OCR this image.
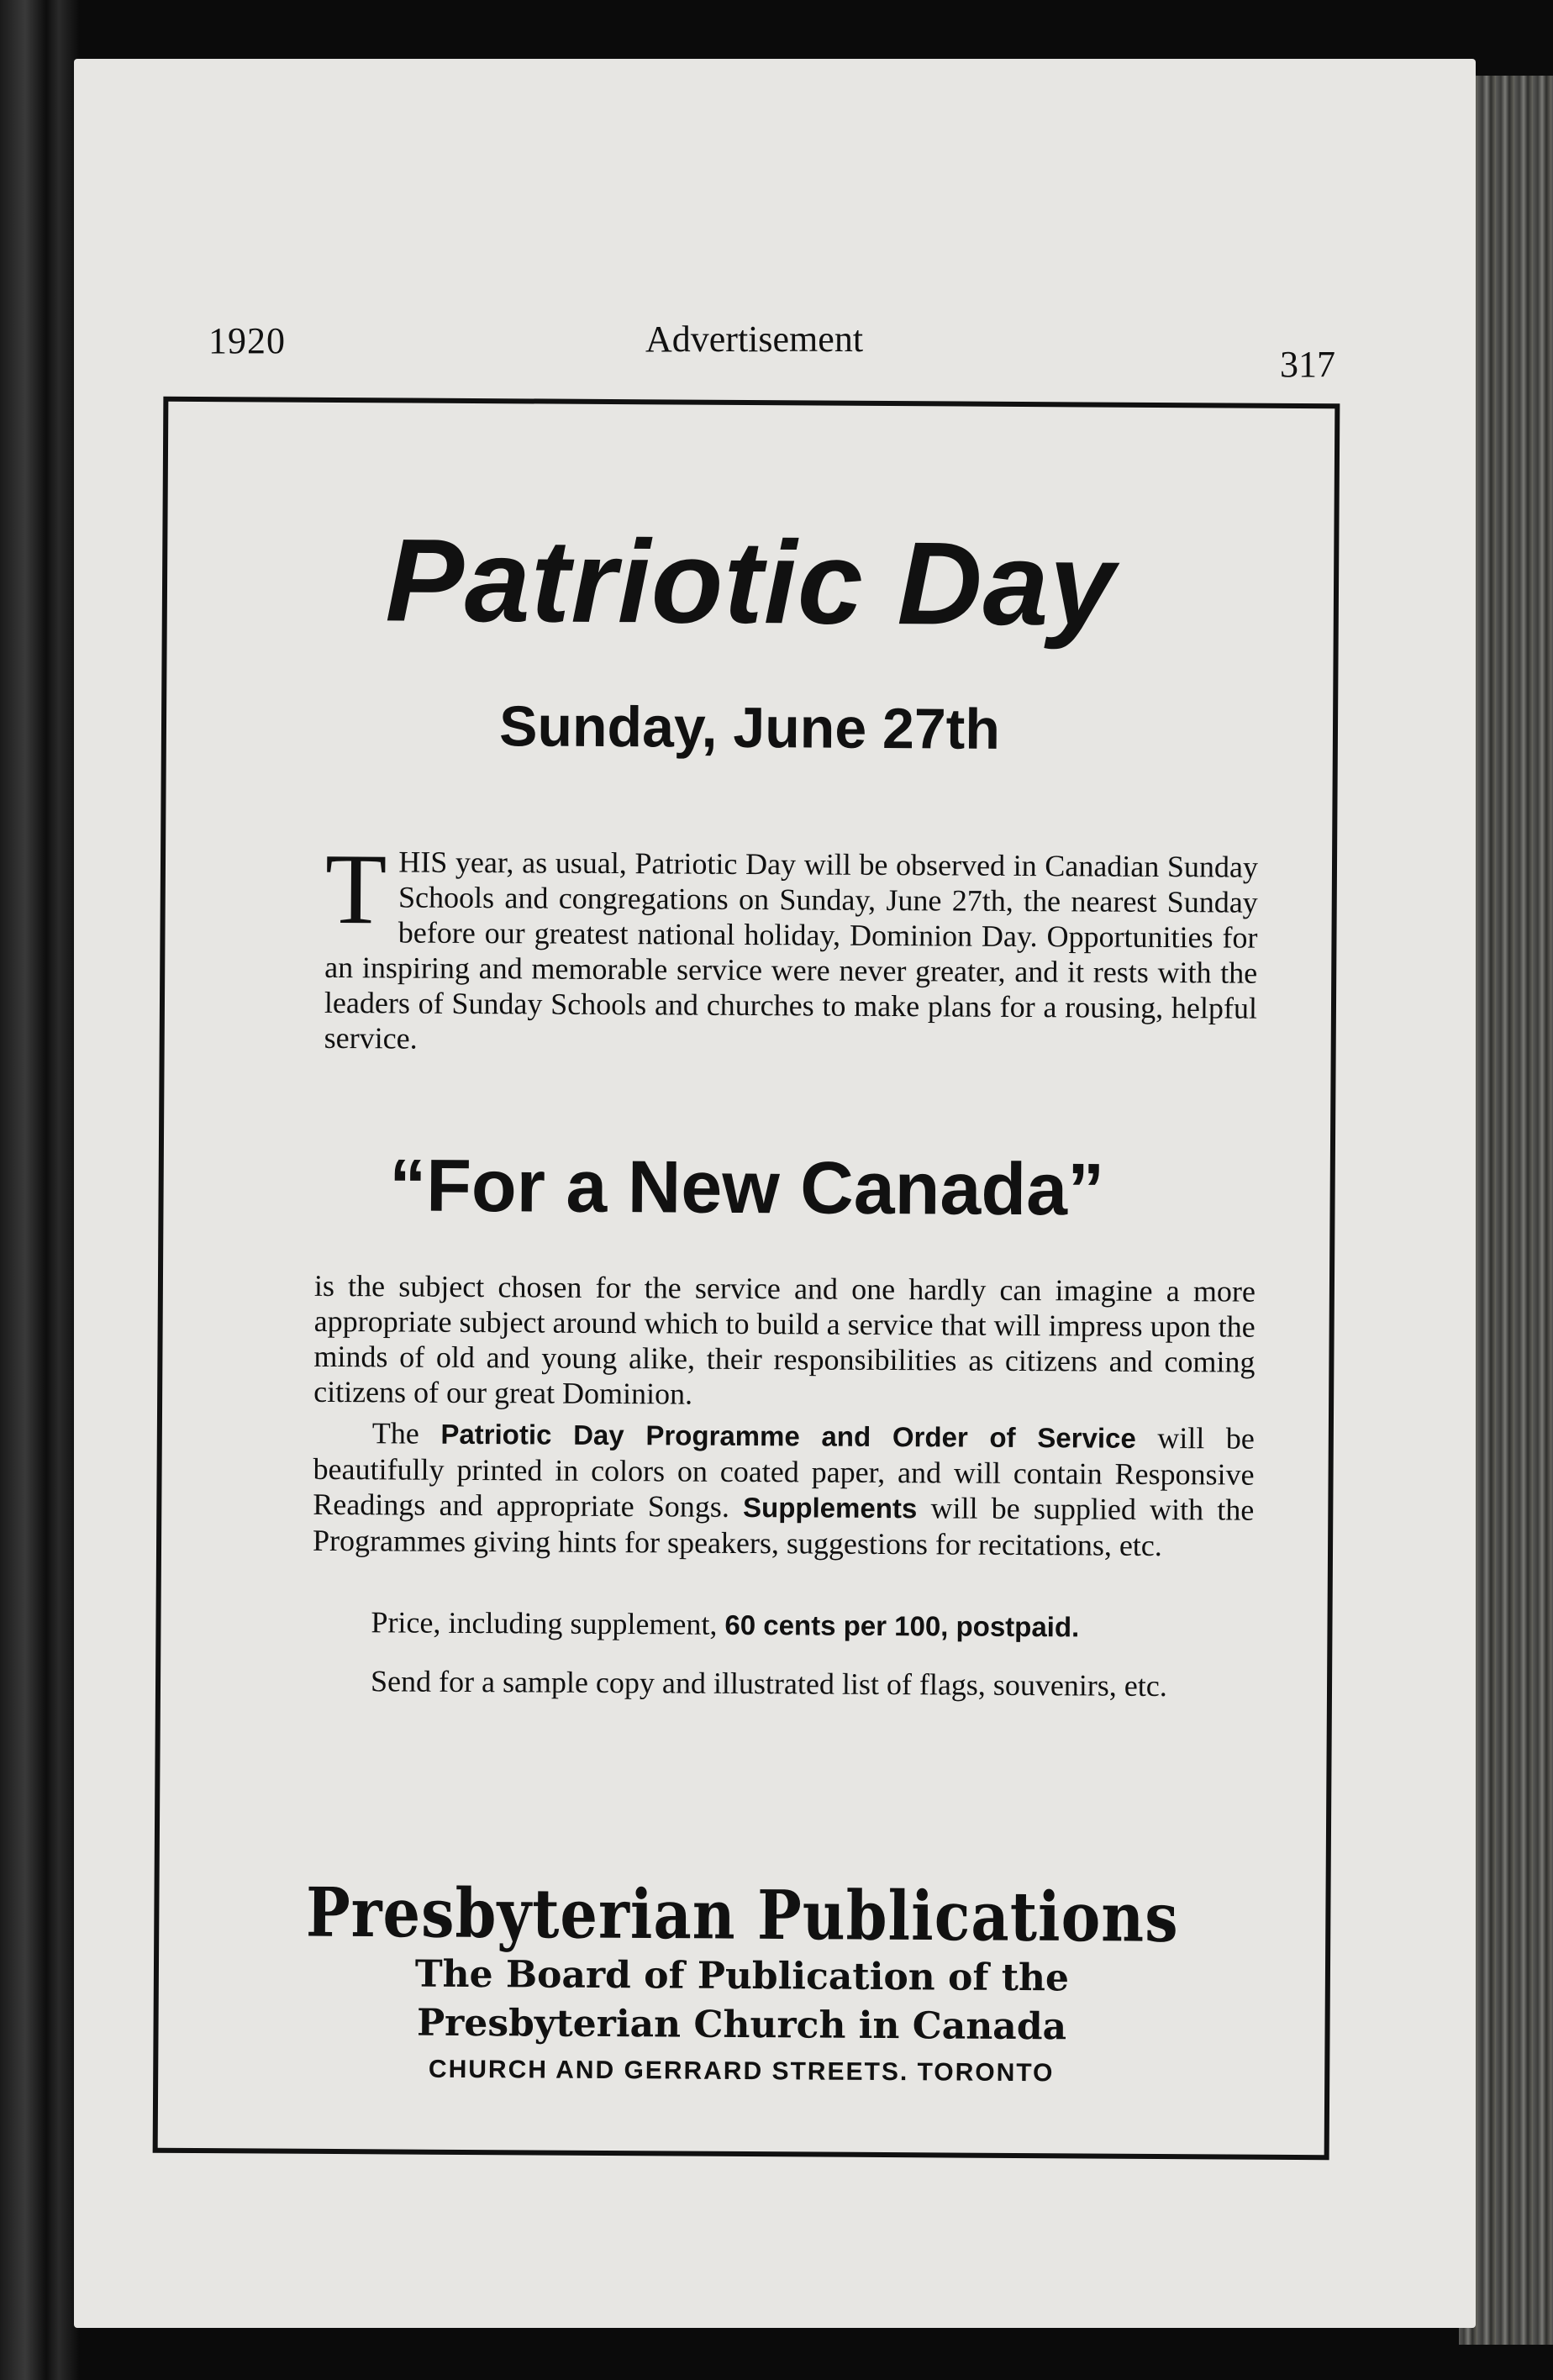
1920	Advertisement
317
Patriotic Day
Sunday, June 27th
THIS year, as usual, Patriotic Day will be observed in Canadian Sunday Schools and congregations on Sunday, June 27th, the nearest Sunday before our greatest national holiday, Dominion Day. Opportunities for an inspiring and memorable service were never greater, and it rests with the leaders of Sunday Schools and churches to make plans for a rousing, helpful service.
“For a New Canada”
is the subject chosen for the service and one hardly can imagine a more appropriate subject around which to build a service that will impress upon the minds of old and young alike, their responsibilities as citizens and coming citizens of our great Dominion.
The Patriotic Day Programme and Order of Service will be beautifully printed in colors on coated paper, and will contain Responsive Readings and appropriate Songs. Supplements will be supplied with the Programmes giving hints for speakers, suggestions for recitations, etc.
Price, including supplement, 60 cents per 100, postpaid.
Send for a sample copy and illustrated list of flags, souvenirs, etc.
Presbyterian Publications
The Board of Publication of the
Presbyterian Church in Canada
CHURCH AND GERRARD STREETS. TORONTO
